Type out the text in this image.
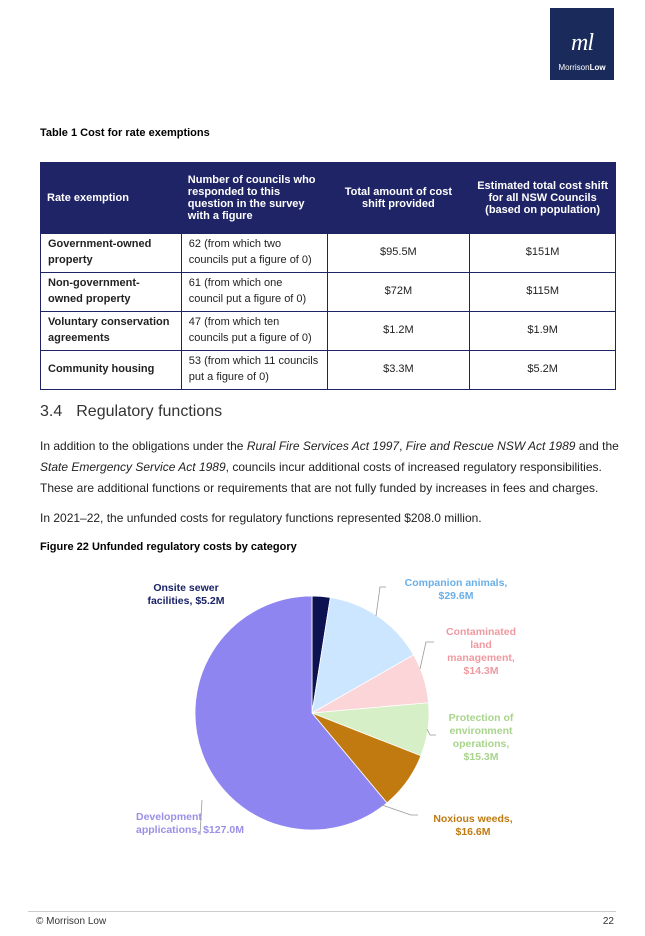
ml
MorrisonLow
Table 1 Cost for rate exemptions
Rate exemption	Number of councils who responded to this question in the survey with a figure	Total amount of cost shift provided	Estimated total cost shift for all NSW Councils (based on population)
Government-owned property	62 (from which two councils put a figure of 0)	$95.5M	$151M
Non-government-owned property	61 (from which one council put a figure of 0)	$72M	$115M
Voluntary conservation agreements	47 (from which ten councils put a figure of 0)	$1.2M	$1.9M
Community housing	53 (from which 11 councils put a figure of 0)	$3.3M	$5.2M
3.4 Regulatory functions

In addition to the obligations under the Rural Fire Services Act 1997, Fire and Rescue NSW Act 1989 and the State Emergency Service Act 1989, councils incur additional costs of increased regulatory responsibilities. These are additional functions or requirements that are not fully funded by increases in fees and charges.

In 2021–22, the unfunded costs for regulatory functions represented $208.0 million.

Figure 22 Unfunded regulatory costs by category
Onsite sewer facilities, $5.2M
Companion animals, $29.6M
Contaminated land management, $14.3M
Protection of environment operations, $15.3M
Noxious weeds, $16.6M
Development applications, $127.0M
© Morrison Low	22
